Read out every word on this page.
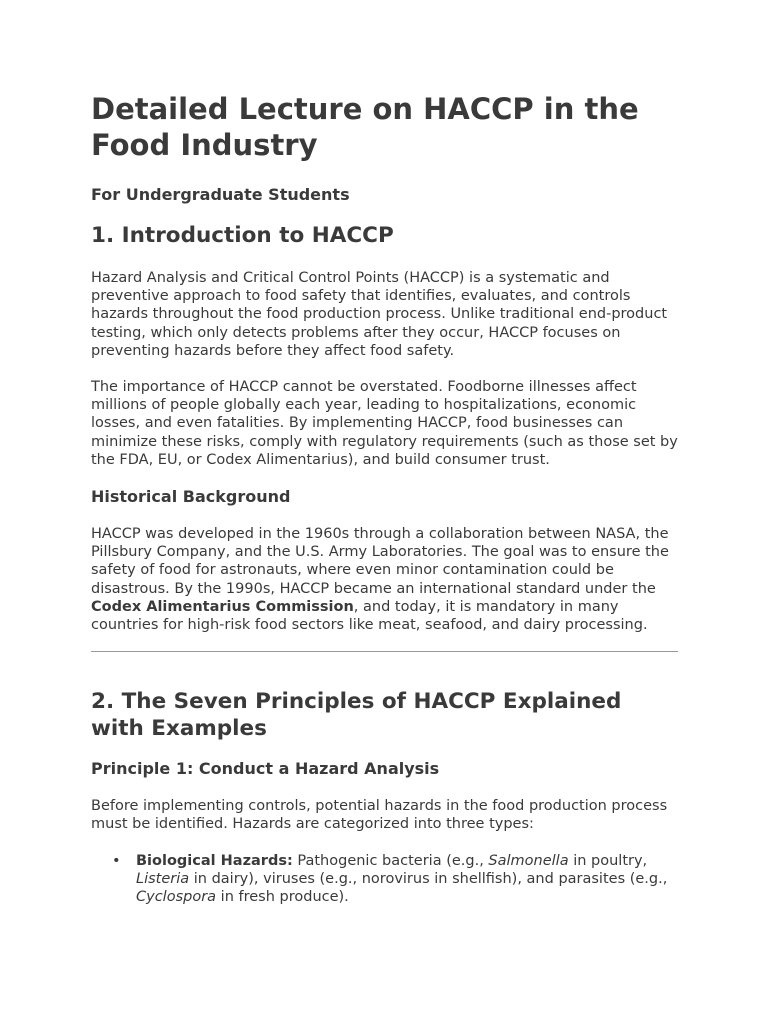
Detailed Lecture on HACCP in the Food Industry
For Undergraduate Students
1. Introduction to HACCP

Hazard Analysis and Critical Control Points (HACCP) is a systematic and preventive approach to food safety that identifies, evaluates, and controls hazards throughout the food production process. Unlike traditional end-product testing, which only detects problems after they occur, HACCP focuses on preventing hazards before they affect food safety.

The importance of HACCP cannot be overstated. Foodborne illnesses affect millions of people globally each year, leading to hospitalizations, economic losses, and even fatalities. By implementing HACCP, food businesses can minimize these risks, comply with regulatory requirements (such as those set by the FDA, EU, or Codex Alimentarius), and build consumer trust.

Historical Background

HACCP was developed in the 1960s through a collaboration between NASA, the Pillsbury Company, and the U.S. Army Laboratories. The goal was to ensure the safety of food for astronauts, where even minor contamination could be disastrous. By the 1990s, HACCP became an international standard under the Codex Alimentarius Commission, and today, it is mandatory in many countries for high-risk food sectors like meat, seafood, and dairy processing.

2. The Seven Principles of HACCP Explained with Examples
Principle 1: Conduct a Hazard Analysis

Before implementing controls, potential hazards in the food production process must be identified. Hazards are categorized into three types:

• Biological Hazards: Pathogenic bacteria (e.g., Salmonella in poultry, Listeria in dairy), viruses (e.g., norovirus in shellfish), and parasites (e.g., Cyclospora in fresh produce).
